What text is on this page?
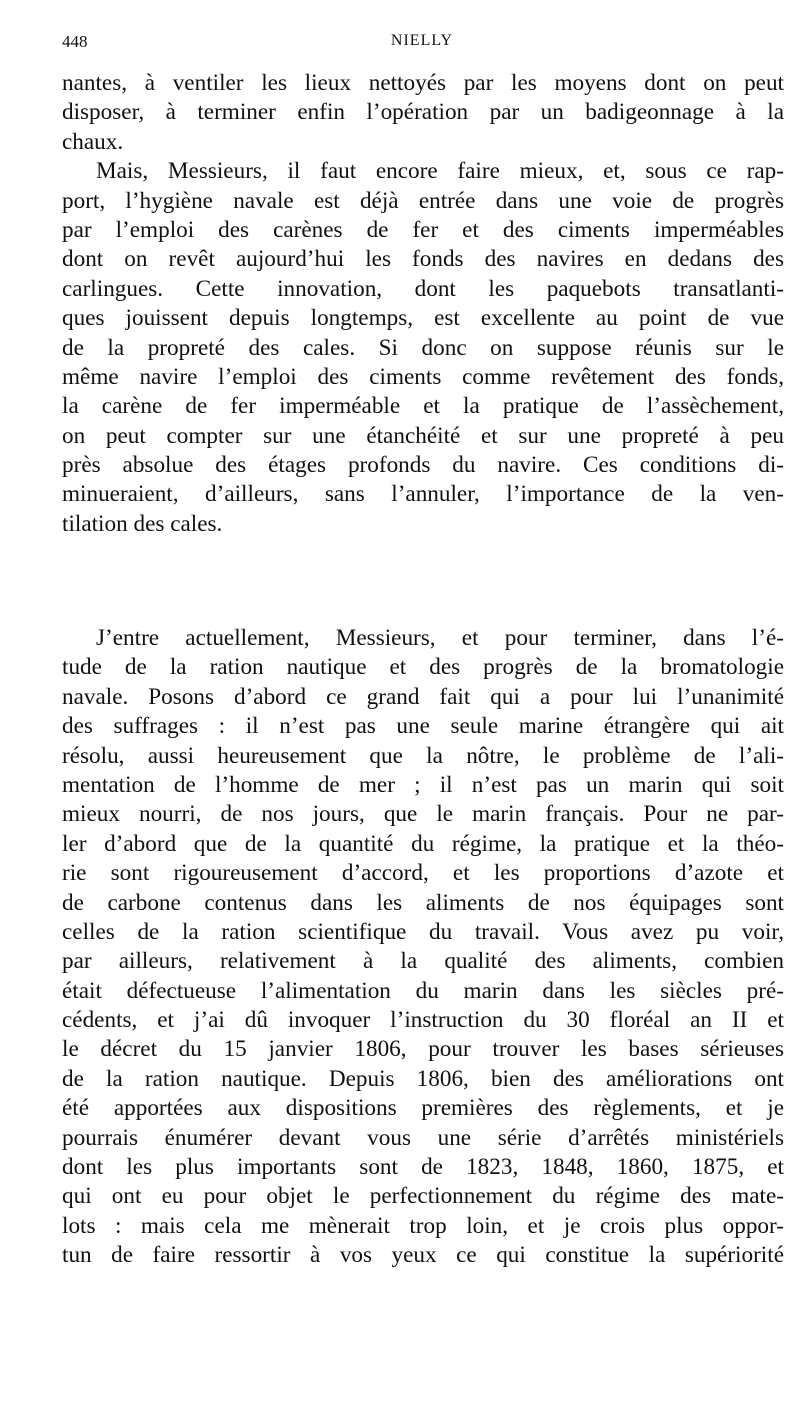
448	NIELLY
nantes, à ventiler les lieux nettoyés par les moyens dont on peut
disposer, à terminer enfin l’opération par un badigeonnage à la
chaux.
Mais, Messieurs, il faut encore faire mieux, et, sous ce rap-
port, l’hygiène navale est déjà entrée dans une voie de progrès
par l’emploi des carènes de fer et des ciments imperméables
dont on revêt aujourd’hui les fonds des navires en dedans des
carlingues. Cette innovation, dont les paquebots transatlanti-
ques jouissent depuis longtemps, est excellente au point de vue
de la propreté des cales. Si donc on suppose réunis sur le
même navire l’emploi des ciments comme revêtement des fonds,
la carène de fer imperméable et la pratique de l’assèchement,
on peut compter sur une étanchéité et sur une propreté à peu
près absolue des étages profonds du navire. Ces conditions di-
minueraient, d’ailleurs, sans l’annuler, l’importance de la ven-
tilation des cales.
J’entre actuellement, Messieurs, et pour terminer, dans l’é-
tude de la ration nautique et des progrès de la bromatologie
navale. Posons d’abord ce grand fait qui a pour lui l’unanimité
des suffrages : il n’est pas une seule marine étrangère qui ait
résolu, aussi heureusement que la nôtre, le problème de l’ali-
mentation de l’homme de mer ; il n’est pas un marin qui soit
mieux nourri, de nos jours, que le marin français. Pour ne par-
ler d’abord que de la quantité du régime, la pratique et la théo-
rie sont rigoureusement d’accord, et les proportions d’azote et
de carbone contenus dans les aliments de nos équipages sont
celles de la ration scientifique du travail. Vous avez pu voir,
par ailleurs, relativement à la qualité des aliments, combien
était défectueuse l’alimentation du marin dans les siècles pré-
cédents, et j’ai dû invoquer l’instruction du 30 floréal an II et
le décret du 15 janvier 1806, pour trouver les bases sérieuses
de la ration nautique. Depuis 1806, bien des améliorations ont
été apportées aux dispositions premières des règlements, et je
pourrais énumérer devant vous une série d’arrêtés ministériels
dont les plus importants sont de 1823, 1848, 1860, 1875, et
qui ont eu pour objet le perfectionnement du régime des mate-
lots : mais cela me mènerait trop loin, et je crois plus oppor-
tun de faire ressortir à vos yeux ce qui constitue la supériorité
